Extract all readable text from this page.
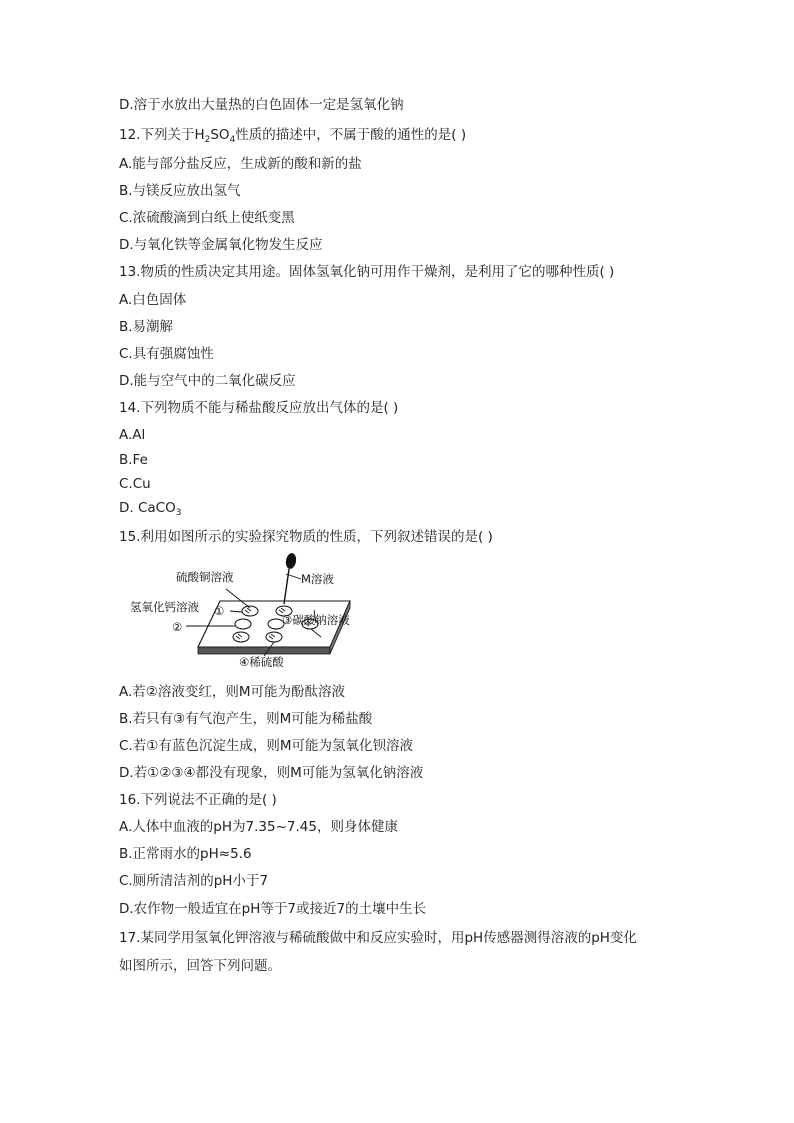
D.溶于水放出大量热的白色固体一定是氢氧化钠
12.下列关于$H_2SO_4$性质的描述中，不属于酸的通性的是( )
A.能与部分盐反应，生成新的酸和新的盐
B.与镁反应放出氢气
C.浓硫酸滴到白纸上使纸变黑
D.与氧化铁等金属氧化物发生反应
13.物质的性质决定其用途。固体氢氧化钠可用作干燥剂，是利用了它的哪种性质( )
A.白色固体
B.易潮解
C.具有强腐蚀性
D.能与空气中的二氧化碳反应
14.下列物质不能与稀盐酸反应放出气体的是( )
A.Al
B.Fe
C.Cu
D. CaCO$_3$
15.利用如图所示的实验探究物质的性质，下列叙述错误的是( )
硫酸铜溶液	M溶液
①
氢氧化钙溶液
②	③碳酸钠溶液
④稀硫酸
A.若②溶液变红，则M可能为酚酞溶液
B.若只有③有气泡产生，则M可能为稀盐酸
C.若①有蓝色沉淀生成，则M可能为氢氧化钡溶液
D.若①②③④都没有现象，则M可能为氢氧化钠溶液
16.下列说法不正确的是( )
A.人体中血液的pH为7.35~7.45，则身体健康
B.正常雨水的pH≈5.6
C.厕所清洁剂的pH小于7
D.农作物一般适宜在pH等于7或接近7的土壤中生长
17.某同学用氢氧化钾溶液与稀硫酸做中和反应实验时，用pH传感器测得溶液的pH变化
如图所示，回答下列问题。
